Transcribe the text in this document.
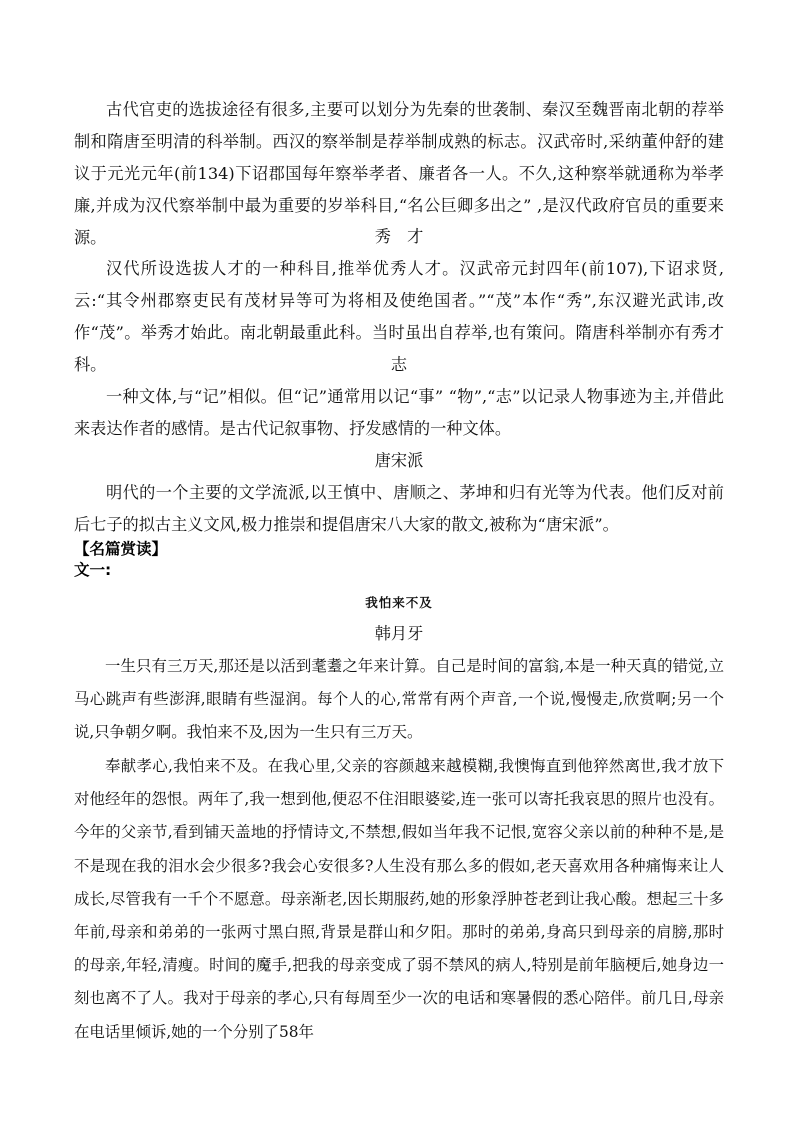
古代官吏的选拔途径有很多,主要可以划分为先秦的世袭制、秦汉至魏晋南北朝的荐举制和隋唐至明清的科举制。西汉的察举制是荐举制成熟的标志。汉武帝时,采纳董仲舒的建议于元光元年(前134)下诏郡国每年察举孝者、廉者各一人。不久,这种察举就通称为举孝廉,并成为汉代察举制中最为重要的岁举科目,“名公巨卿多出之” ,是汉代政府官员的重要来源。	秀　才
汉代所设选拔人才的一种科目,推举优秀人才。汉武帝元封四年(前107),下诏求贤,云:“其令州郡察吏民有茂材异等可为将相及使绝国者。”“茂”本作“秀”,东汉避光武讳,改作“茂”。举秀才始此。南北朝最重此科。当时虽出自荐举,也有策问。隋唐科举制亦有秀才科。	志
一种文体,与“记”相似。但“记”通常用以记“事” “物”,“志”以记录人物事迹为主,并借此来表达作者的感情。是古代记叙事物、抒发感情的一种文体。
唐宋派
明代的一个主要的文学流派,以王慎中、唐顺之、茅坤和归有光等为代表。他们反对前后七子的拟古主义文风,极力推崇和提倡唐宋八大家的散文,被称为“唐宋派”。
【名篇赏读】
文一:
我怕来不及
韩月牙
一生只有三万天,那还是以活到耄耋之年来计算。自己是时间的富翁,本是一种天真的错觉,立马心跳声有些澎湃,眼睛有些湿润。每个人的心,常常有两个声音,一个说,慢慢走,欣赏啊;另一个说,只争朝夕啊。我怕来不及,因为一生只有三万天。
奉献孝心,我怕来不及。在我心里,父亲的容颜越来越模糊,我懊悔直到他猝然离世,我才放下对他经年的怨恨。两年了,我一想到他,便忍不住泪眼婆娑,连一张可以寄托我哀思的照片也没有。今年的父亲节,看到铺天盖地的抒情诗文,不禁想,假如当年我不记恨,宽容父亲以前的种种不是,是不是现在我的泪水会少很多?我会心安很多?人生没有那么多的假如,老天喜欢用各种痛悔来让人成长,尽管我有一千个不愿意。母亲渐老,因长期服药,她的形象浮肿苍老到让我心酸。想起三十多年前,母亲和弟弟的一张两寸黑白照,背景是群山和夕阳。那时的弟弟,身高只到母亲的肩膀,那时的母亲,年轻,清瘦。时间的魔手,把我的母亲变成了弱不禁风的病人,特别是前年脑梗后,她身边一刻也离不了人。我对于母亲的孝心,只有每周至少一次的电话和寒暑假的悉心陪伴。前几日,母亲在电话里倾诉,她的一个分别了58年
